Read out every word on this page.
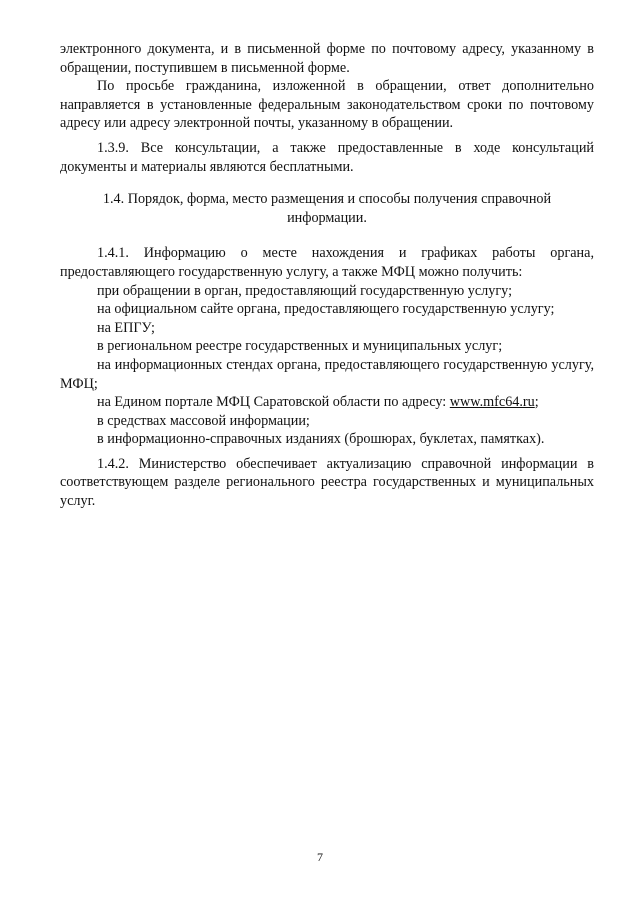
электронного документа, и в письменной форме по почтовому адресу, указанному в обращении, поступившем в письменной форме.

По просьбе гражданина, изложенной в обращении, ответ дополнительно направляется в установленные федеральным законодательством сроки по почтовому адресу или адресу электронной почты, указанному в обращении.

1.3.9. Все консультации, а также предоставленные в ходе консультаций документы и материалы являются бесплатными.

1.4. Порядок, форма, место размещения и способы получения справочной информации.

1.4.1. Информацию о месте нахождения и графиках работы органа, предоставляющего государственную услугу, а также МФЦ можно получить:

при обращении в орган, предоставляющий государственную услугу;

на официальном сайте органа, предоставляющего государственную услугу;

на ЕПГУ;

в региональном реестре государственных и муниципальных услуг;

на информационных стендах органа, предоставляющего государственную услугу, МФЦ;

на Едином портале МФЦ Саратовской области по адресу: www.mfc64.ru;

в средствах массовой информации;

в информационно-справочных изданиях (брошюрах, буклетах, памятках).

1.4.2. Министерство обеспечивает актуализацию справочной информации в соответствующем разделе регионального реестра государственных и муниципальных услуг.

7
